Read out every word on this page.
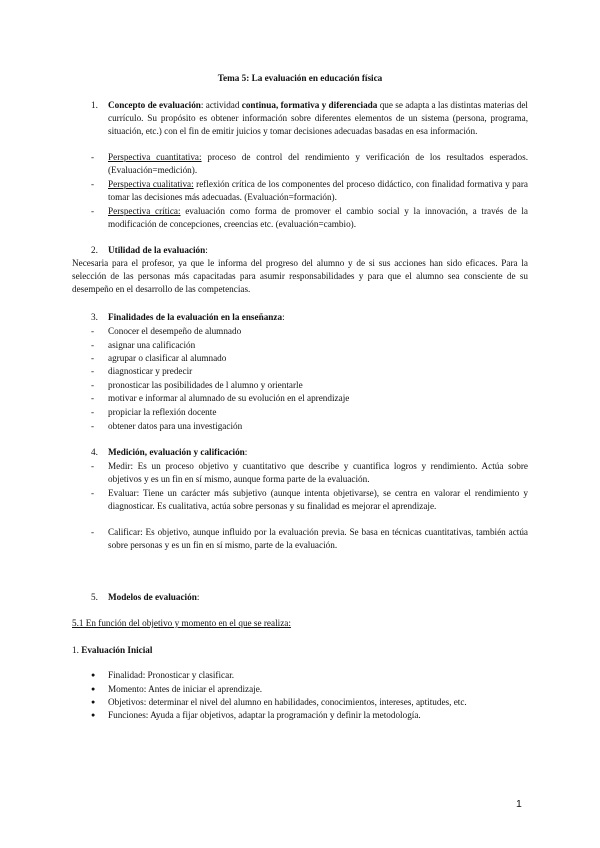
Tema 5: La evaluación en educación física
1. Concepto de evaluación: actividad continua, formativa y diferenciada que se adapta a las distintas materias del currículo. Su propósito es obtener información sobre diferentes elementos de un sistema (persona, programa, situación, etc.) con el fin de emitir juicios y tomar decisiones adecuadas basadas en esa información.
- Perspectiva cuantitativa: proceso de control del rendimiento y verificación de los resultados esperados. (Evaluación=medición).
- Perspectiva cualitativa: reflexión crítica de los componentes del proceso didáctico, con finalidad formativa y para tomar las decisiones más adecuadas. (Evaluación=formación).
- Perspectiva crítica: evaluación como forma de promover el cambio social y la innovación, a través de la modificación de concepciones, creencias etc. (evaluación=cambio).
2. Utilidad de la evaluación:
Necesaria para el profesor, ya que le informa del progreso del alumno y de si sus acciones han sido eficaces. Para la selección de las personas más capacitadas para asumir responsabilidades y para que el alumno sea consciente de su desempeño en el desarrollo de las competencias.
3. Finalidades de la evaluación en la enseñanza:
- Conocer el desempeño de alumnado
- asignar una calificación
- agrupar o clasificar al alumnado
- diagnosticar y predecir
- pronosticar las posibilidades de l alumno y orientarle
- motivar e informar al alumnado de su evolución en el aprendizaje
- propiciar la reflexión docente
- obtener datos para una investigación
4. Medición, evaluación y calificación:
- Medir: Es un proceso objetivo y cuantitativo que describe y cuantifica logros y rendimiento. Actúa sobre objetivos y es un fin en sí mismo, aunque forma parte de la evaluación.
- Evaluar: Tiene un carácter más subjetivo (aunque intenta objetivarse), se centra en valorar el rendimiento y diagnosticar. Es cualitativa, actúa sobre personas y su finalidad es mejorar el aprendizaje.
- Calificar: Es objetivo, aunque influido por la evaluación previa. Se basa en técnicas cuantitativas, también actúa sobre personas y es un fin en sí mismo, parte de la evaluación.
5. Modelos de evaluación:
5.1 En función del objetivo y momento en el que se realiza:
1. Evaluación Inicial
● Finalidad: Pronosticar y clasificar.
● Momento: Antes de iniciar el aprendizaje.
● Objetivos: determinar el nivel del alumno en habilidades, conocimientos, intereses, aptitudes, etc.
● Funciones: Ayuda a fijar objetivos, adaptar la programación y definir la metodología.
1
